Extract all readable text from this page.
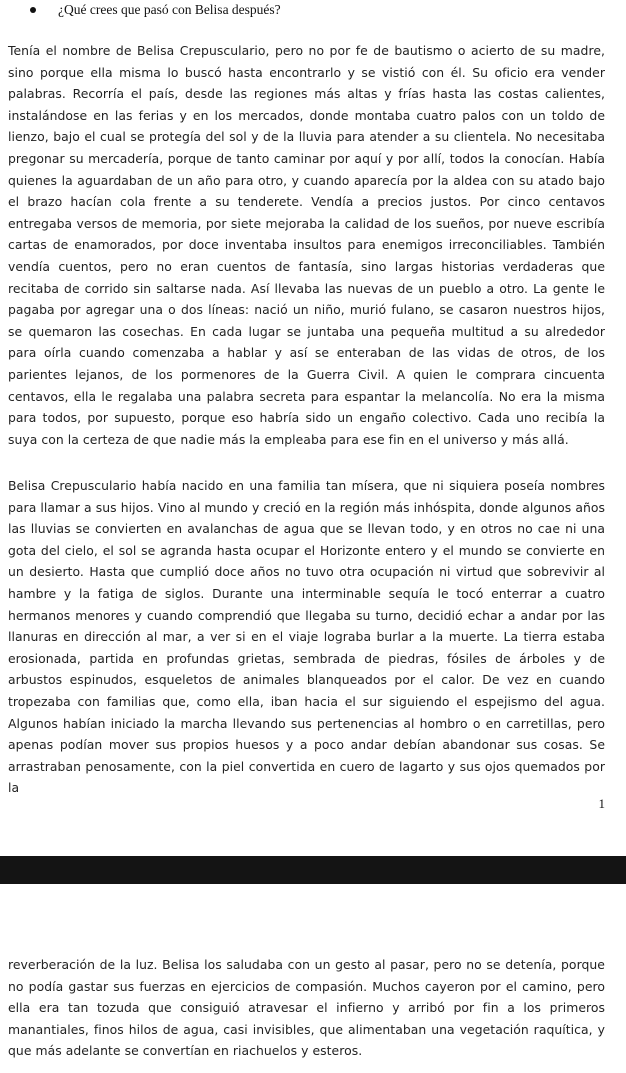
¿Qué crees que pasó con Belisa después?

Tenía el nombre de Belisa Crepusculario, pero no por fe de bautismo o acierto de su madre, sino porque ella misma lo buscó hasta encontrarlo y se vistió con él. Su oficio era vender palabras. Recorría el país, desde las regiones más altas y frías hasta las costas calientes, instalándose en las ferias y en los mercados, donde montaba cuatro palos con un toldo de lienzo, bajo el cual se protegía del sol y de la lluvia para atender a su clientela. No necesitaba pregonar su mercadería, porque de tanto caminar por aquí y por allí, todos la conocían. Había quienes la aguardaban de un año para otro, y cuando aparecía por la aldea con su atado bajo el brazo hacían cola frente a su tenderete. Vendía a precios justos. Por cinco centavos entregaba versos de memoria, por siete mejoraba la calidad de los sueños, por nueve escribía cartas de enamorados, por doce inventaba insultos para enemigos irreconciliables. También vendía cuentos, pero no eran cuentos de fantasía, sino largas historias verdaderas que recitaba de corrido sin saltarse nada. Así llevaba las nuevas de un pueblo a otro. La gente le pagaba por agregar una o dos líneas: nació un niño, murió fulano, se casaron nuestros hijos, se quemaron las cosechas. En cada lugar se juntaba una pequeña multitud a su alrededor para oírla cuando comenzaba a hablar y así se enteraban de las vidas de otros, de los parientes lejanos, de los pormenores de la Guerra Civil. A quien le comprara cincuenta centavos, ella le regalaba una palabra secreta para espantar la melancolía. No era la misma para todos, por supuesto, porque eso habría sido un engaño colectivo. Cada uno recibía la suya con la certeza de que nadie más la empleaba para ese fin en el universo y más allá.

Belisa Crepusculario había nacido en una familia tan mísera, que ni siquiera poseía nombres para llamar a sus hijos. Vino al mundo y creció en la región más inhóspita, donde algunos años las lluvias se convierten en avalanchas de agua que se llevan todo, y en otros no cae ni una gota del cielo, el sol se agranda hasta ocupar el Horizonte entero y el mundo se convierte en un desierto. Hasta que cumplió doce años no tuvo otra ocupación ni virtud que sobrevivir al hambre y la fatiga de siglos. Durante una interminable sequía le tocó enterrar a cuatro hermanos menores y cuando comprendió que llegaba su turno, decidió echar a andar por las llanuras en dirección al mar, a ver si en el viaje lograba burlar a la muerte. La tierra estaba erosionada, partida en profundas grietas, sembrada de piedras, fósiles de árboles y de arbustos espinudos, esqueletos de animales blanqueados por el calor. De vez en cuando tropezaba con familias que, como ella, iban hacia el sur siguiendo el espejismo del agua. Algunos habían iniciado la marcha llevando sus pertenencias al hombro o en carretillas, pero apenas podían mover sus propios huesos y a poco andar debían abandonar sus cosas. Se arrastraban penosamente, con la piel convertida en cuero de lagarto y sus ojos quemados por la

1

reverberación de la luz. Belisa los saludaba con un gesto al pasar, pero no se detenía, porque no podía gastar sus fuerzas en ejercicios de compasión. Muchos cayeron por el camino, pero ella era tan tozuda que consiguió atravesar el infierno y arribó por fin a los primeros manantiales, finos hilos de agua, casi invisibles, que alimentaban una vegetación raquítica, y que más adelante se convertían en riachuelos y esteros.
